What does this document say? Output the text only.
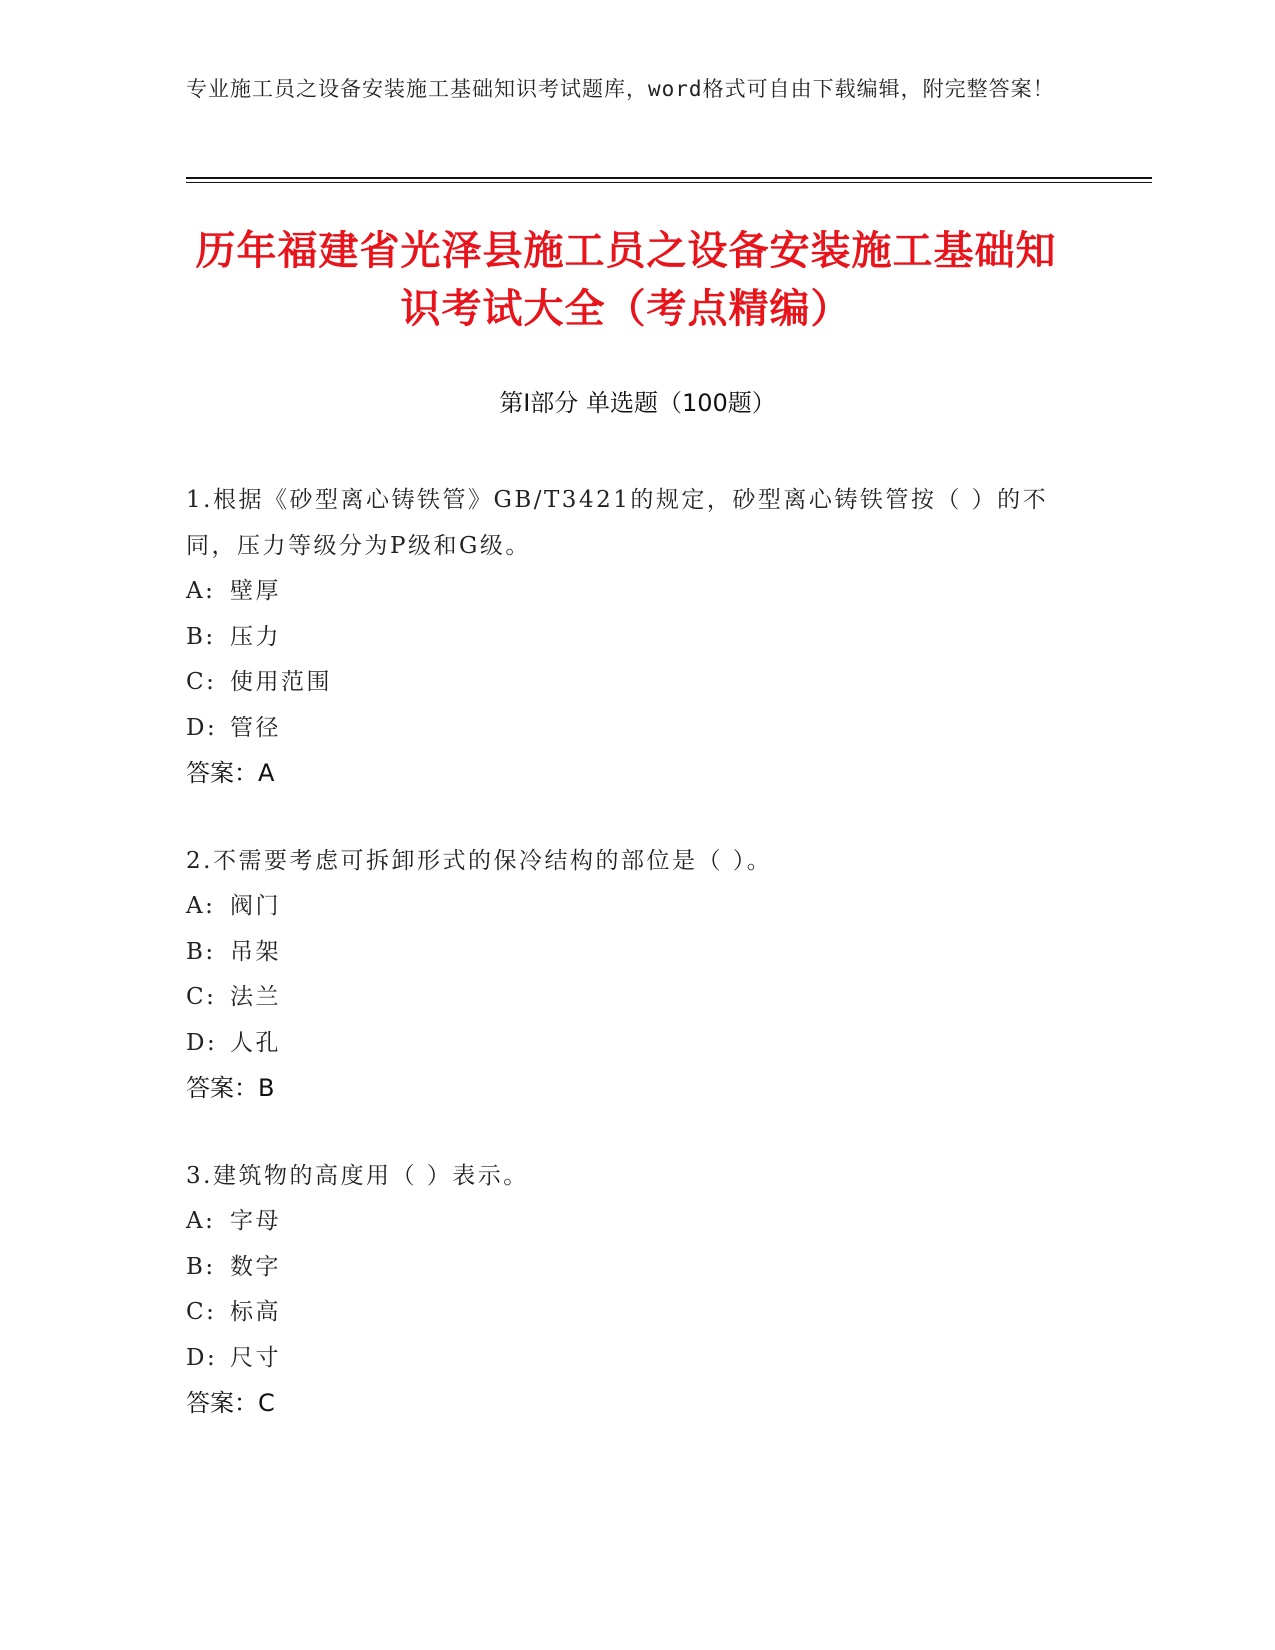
专业施工员之设备安装施工基础知识考试题库，word格式可自由下载编辑，附完整答案！
历年福建省光泽县施工员之设备安装施工基础知识考试大全（考点精编）
第Ⅰ部分 单选题（100题）
1.根据《砂型离心铸铁管》GB/T3421的规定，砂型离心铸铁管按（ ）的不同，压力等级分为P级和G级。
A: 壁厚
B: 压力
C: 使用范围
D: 管径
答案：A
2.不需要考虑可拆卸形式的保冷结构的部位是（ ）。
A: 阀门
B: 吊架
C: 法兰
D: 人孔
答案：B
3.建筑物的高度用（ ）表示。
A: 字母
B: 数字
C: 标高
D: 尺寸
答案：C
